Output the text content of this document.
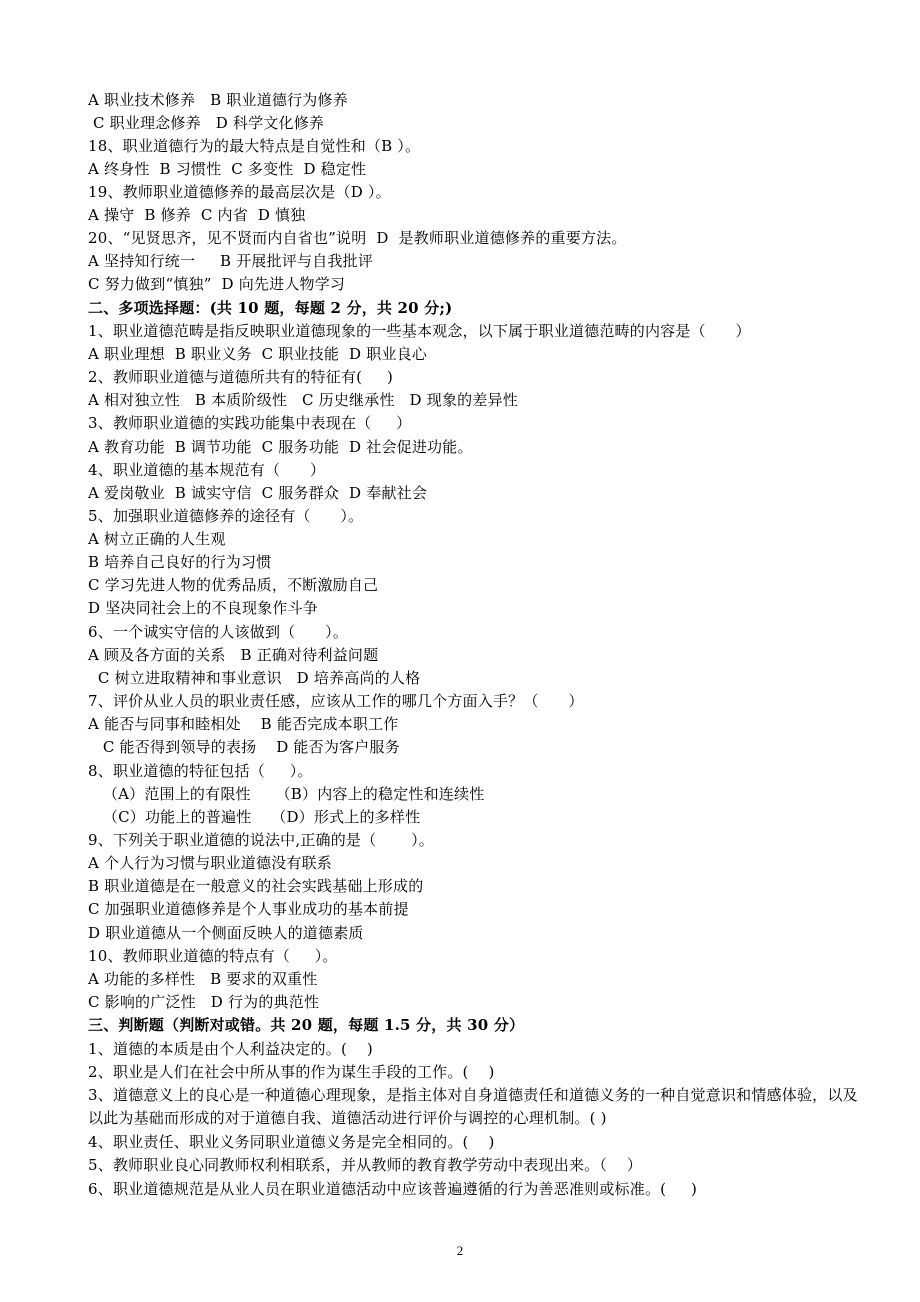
A 职业技术修养   B 职业道德行为修养
C 职业理念修养   D 科学文化修养
18、职业道德行为的最大特点是自觉性和（B ）。
A 终身性  B 习惯性  C 多变性  D 稳定性
19、教师职业道德修养的最高层次是（D ）。
A 操守  B 修养  C 内省  D 慎独
20、“见贤思齐，见不贤而内自省也”说明  D  是教师职业道德修养的重要方法。
A 坚持知行统一     B 开展批评与自我批评
C 努力做到“慎独”  D 向先进人物学习
二、多项选择题：(共 10 题，每题 2 分，共 20 分;)
1、职业道德范畴是指反映职业道德现象的一些基本观念，以下属于职业道德范畴的内容是（      ）
A 职业理想  B 职业义务  C 职业技能  D 职业良心
2、教师职业道德与道德所共有的特征有(     )
A 相对独立性   B 本质阶级性   C 历史继承性   D 现象的差异性
3、教师职业道德的实践功能集中表现在（     ）
A 教育功能  B 调节功能  C 服务功能  D 社会促进功能。
4、职业道德的基本规范有（      ）
A 爱岗敬业  B 诚实守信  C 服务群众  D 奉献社会
5、加强职业道德修养的途径有（      ）。
A 树立正确的人生观
B 培养自己良好的行为习惯
C 学习先进人物的优秀品质，不断激励自己
D 坚决同社会上的不良现象作斗争
6、一个诚实守信的人该做到（      ）。
A 顾及各方面的关系   B 正确对待利益问题
C 树立进取精神和事业意识   D 培养高尚的人格
7、评价从业人员的职业责任感，应该从工作的哪几个方面入手？（      ）
A 能否与同事和睦相处    B 能否完成本职工作
C 能否得到领导的表扬    D 能否为客户服务
8、职业道德的特征包括（     ）。
（A）范围上的有限性     （B）内容上的稳定性和连续性
（C）功能上的普遍性    （D）形式上的多样性
9、下列关于职业道德的说法中,正确的是（       ）。
A 个人行为习惯与职业道德没有联系
B 职业道德是在一般意义的社会实践基础上形成的
C 加强职业道德修养是个人事业成功的基本前提
D 职业道德从一个侧面反映人的道德素质
10、教师职业道德的特点有（     ）。
A 功能的多样性   B 要求的双重性
C 影响的广泛性   D 行为的典范性
三、判断题（判断对或错。共 20 题，每题 1.5 分，共 30 分）
1、道德的本质是由个人利益决定的。(    )
2、职业是人们在社会中所从事的作为谋生手段的工作。(    )
3、道德意义上的良心是一种道德心理现象，是指主体对自身道德责任和道德义务的一种自觉意识和情感体验，以及以此为基础而形成的对于道德自我、道德活动进行评价与调控的心理机制。( )
4、职业责任、职业义务同职业道德义务是完全相同的。(    )
5、教师职业良心同教师权利相联系，并从教师的教育教学劳动中表现出来。（    ）
6、职业道德规范是从业人员在职业道德活动中应该普遍遵循的行为善恶准则或标准。(     )
2
